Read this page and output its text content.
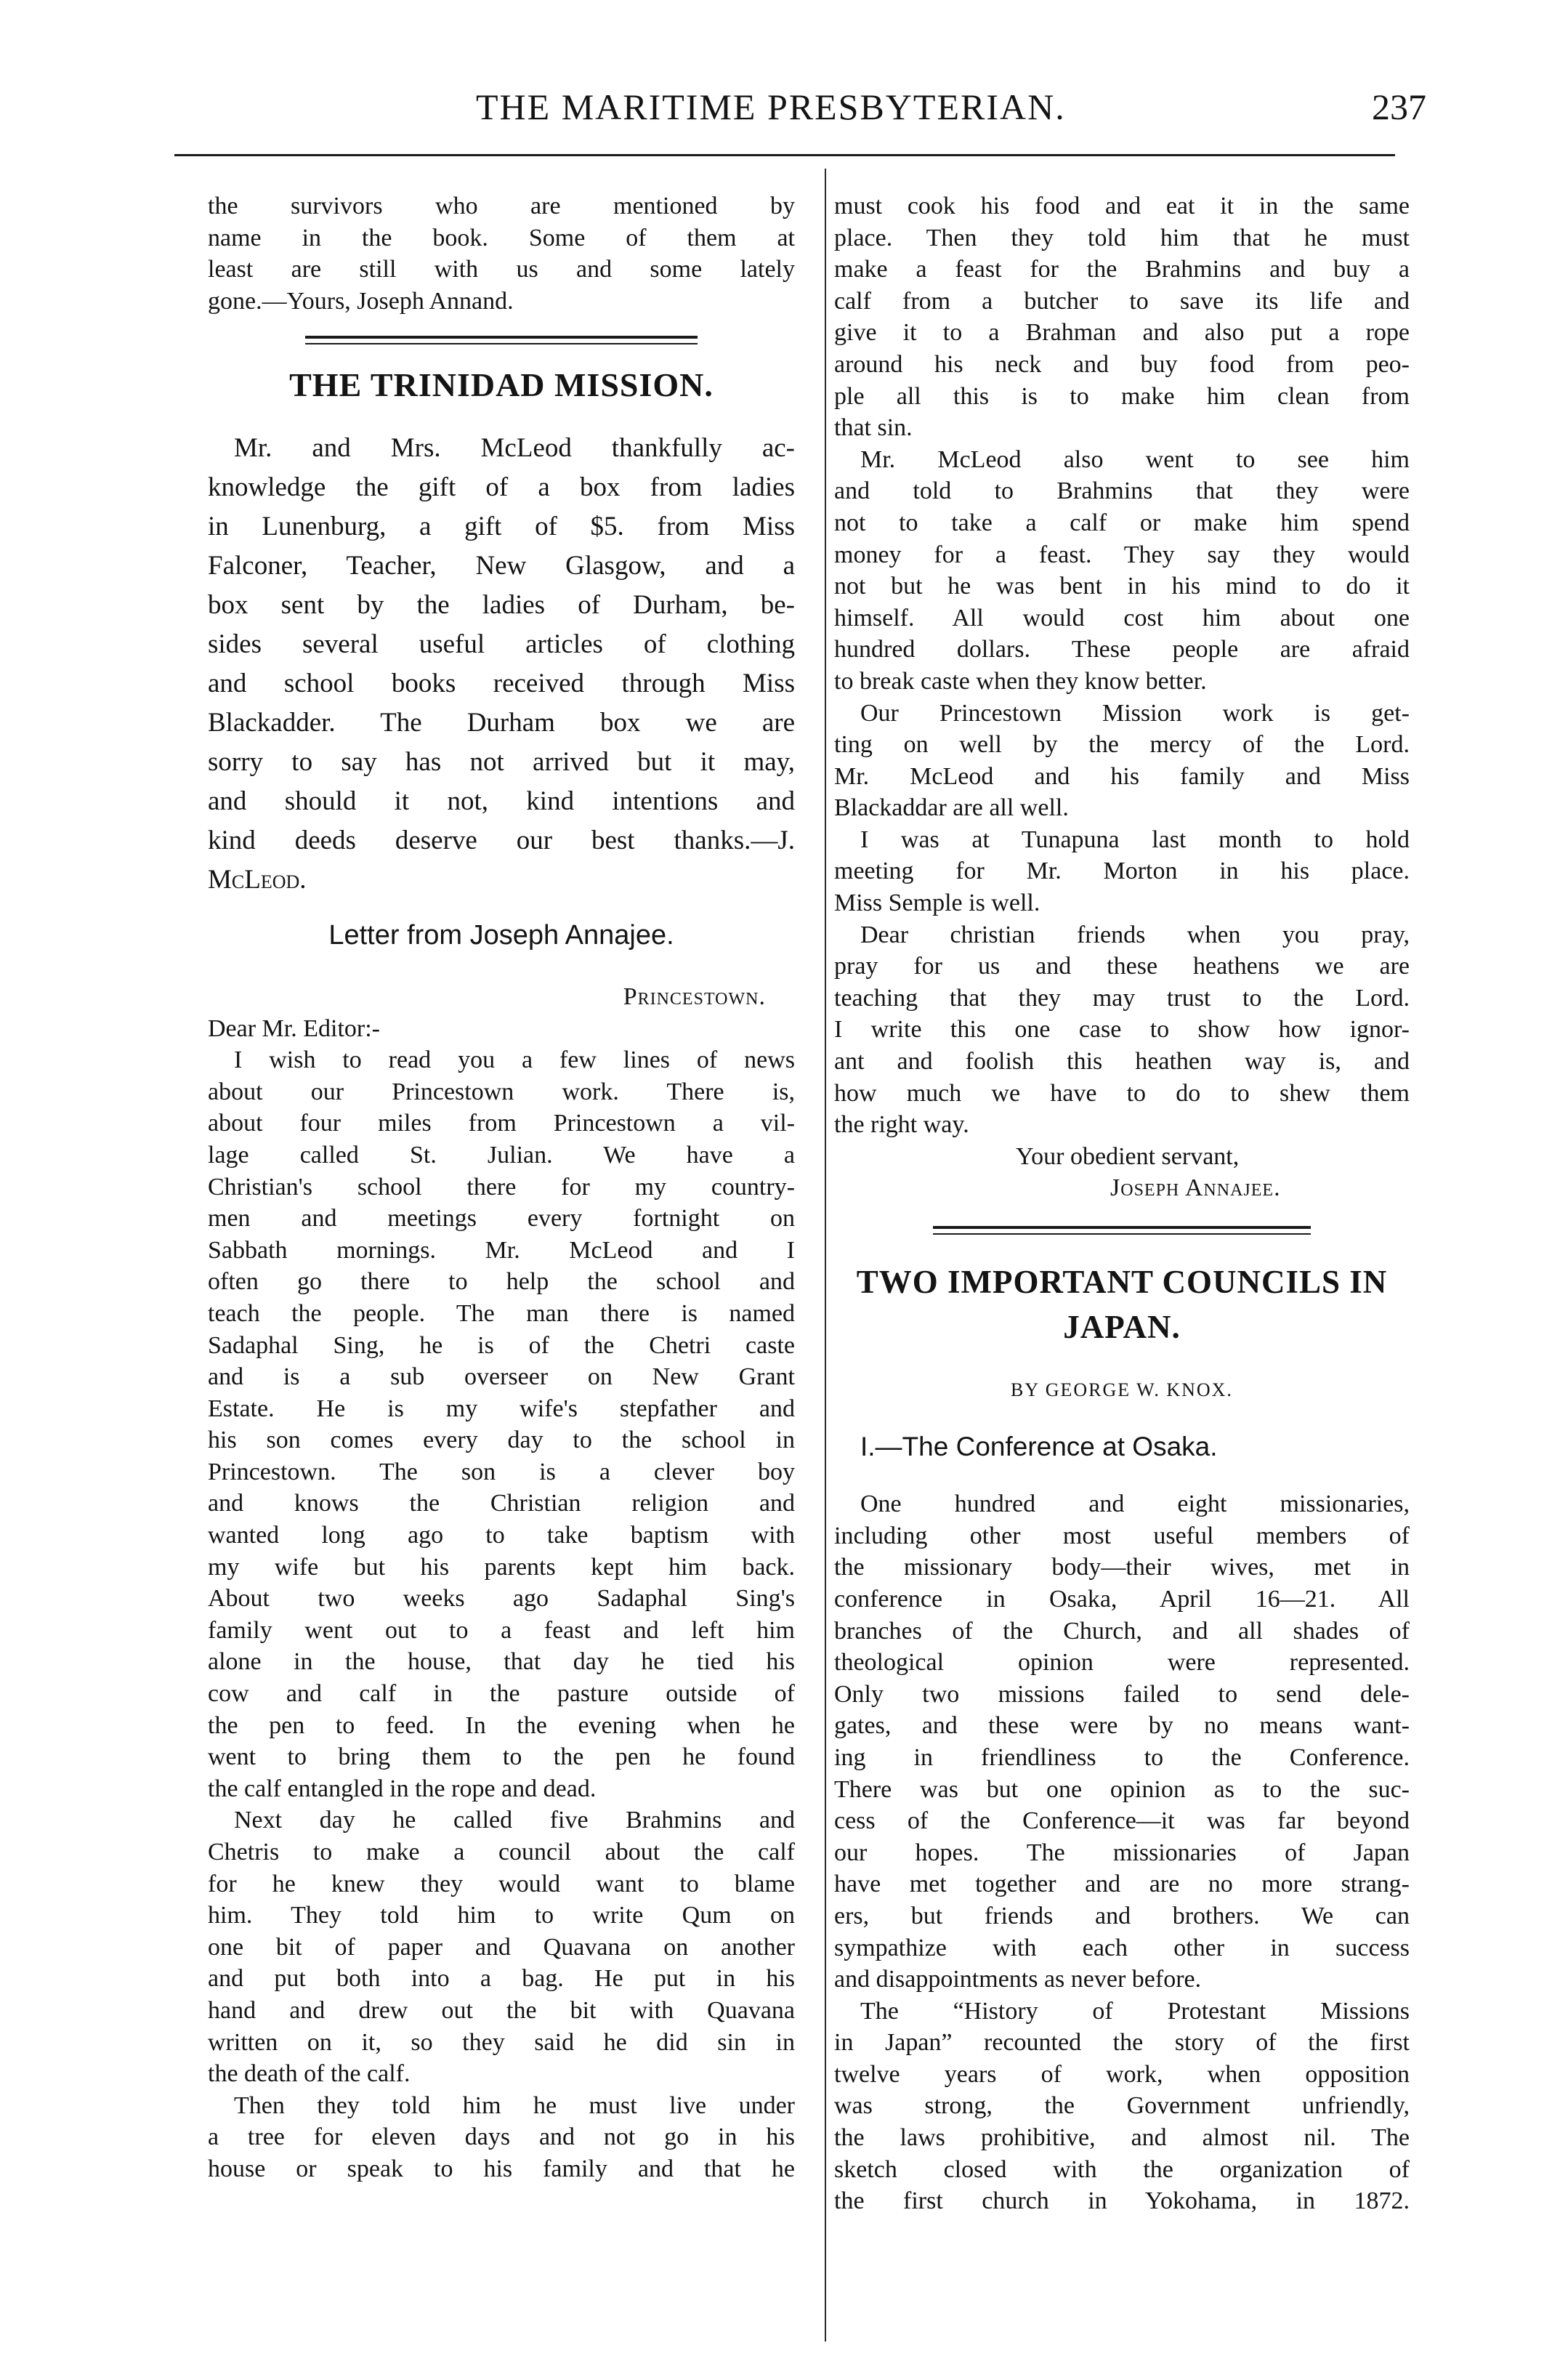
THE MARITIME PRESBYTERIAN.	237
the survivors who are mentioned by
name in the book. Some of them at
least are still with us and some lately
gone.—Yours, Joseph Annand.
THE TRINIDAD MISSION.
Mr. and Mrs. McLeod thankfully ac-
knowledge the gift of a box from ladies
in Lunenburg, a gift of $5. from Miss
Falconer, Teacher, New Glasgow, and a
box sent by the ladies of Durham, be-
sides several useful articles of clothing
and school books received through Miss
Blackadder. The Durham box we are
sorry to say has not arrived but it may,
and should it not, kind intentions and
kind deeds deserve our best thanks.—J.
McLeod.
Letter from Joseph Annajee.
Princestown.
Dear Mr. Editor:-
I wish to read you a few lines of news
about our Princestown work. There is,
about four miles from Princestown a vil-
lage called St. Julian. We have a
Christian's school there for my country-
men and meetings every fortnight on
Sabbath mornings. Mr. McLeod and I
often go there to help the school and
teach the people. The man there is named
Sadaphal Sing, he is of the Chetri caste
and is a sub overseer on New Grant
Estate. He is my wife's stepfather and
his son comes every day to the school in
Princestown. The son is a clever boy
and knows the Christian religion and
wanted long ago to take baptism with
my wife but his parents kept him back.
About two weeks ago Sadaphal Sing's
family went out to a feast and left him
alone in the house, that day he tied his
cow and calf in the pasture outside of
the pen to feed. In the evening when he
went to bring them to the pen he found
the calf entangled in the rope and dead.
Next day he called five Brahmins and
Chetris to make a council about the calf
for he knew they would want to blame
him. They told him to write Qum on
one bit of paper and Quavana on another
and put both into a bag. He put in his
hand and drew out the bit with Quavana
written on it, so they said he did sin in
the death of the calf.
Then they told him he must live under
a tree for eleven days and not go in his
house or speak to his family and that he
must cook his food and eat it in the same
place. Then they told him that he must
make a feast for the Brahmins and buy a
calf from a butcher to save its life and
give it to a Brahman and also put a rope
around his neck and buy food from peo-
ple all this is to make him clean from
that sin.
Mr. McLeod also went to see him
and told to Brahmins that they were
not to take a calf or make him spend
money for a feast. They say they would
not but he was bent in his mind to do it
himself. All would cost him about one
hundred dollars. These people are afraid
to break caste when they know better.
Our Princestown Mission work is get-
ting on well by the mercy of the Lord.
Mr. McLeod and his family and Miss
Blackaddar are all well.
I was at Tunapuna last month to hold
meeting for Mr. Morton in his place.
Miss Semple is well.
Dear christian friends when you pray,
pray for us and these heathens we are
teaching that they may trust to the Lord.
I write this one case to show how ignor-
ant and foolish this heathen way is, and
how much we have to do to shew them
the right way.
Your obedient servant,
Joseph Annajee.
TWO IMPORTANT COUNCILS IN
JAPAN.
BY GEORGE W. KNOX.
I.—The Conference at Osaka.
One hundred and eight missionaries,
including other most useful members of
the missionary body—their wives, met in
conference in Osaka, April 16—21. All
branches of the Church, and all shades of
theological opinion were represented.
Only two missions failed to send dele-
gates, and these were by no means want-
ing in friendliness to the Conference.
There was but one opinion as to the suc-
cess of the Conference—it was far beyond
our hopes. The missionaries of Japan
have met together and are no more strang-
ers, but friends and brothers. We can
sympathize with each other in success
and disappointments as never before.
The “History of Protestant Missions
in Japan” recounted the story of the first
twelve years of work, when opposition
was strong, the Government unfriendly,
the laws prohibitive, and almost nil. The
sketch closed with the organization of
the first church in Yokohama, in 1872.
